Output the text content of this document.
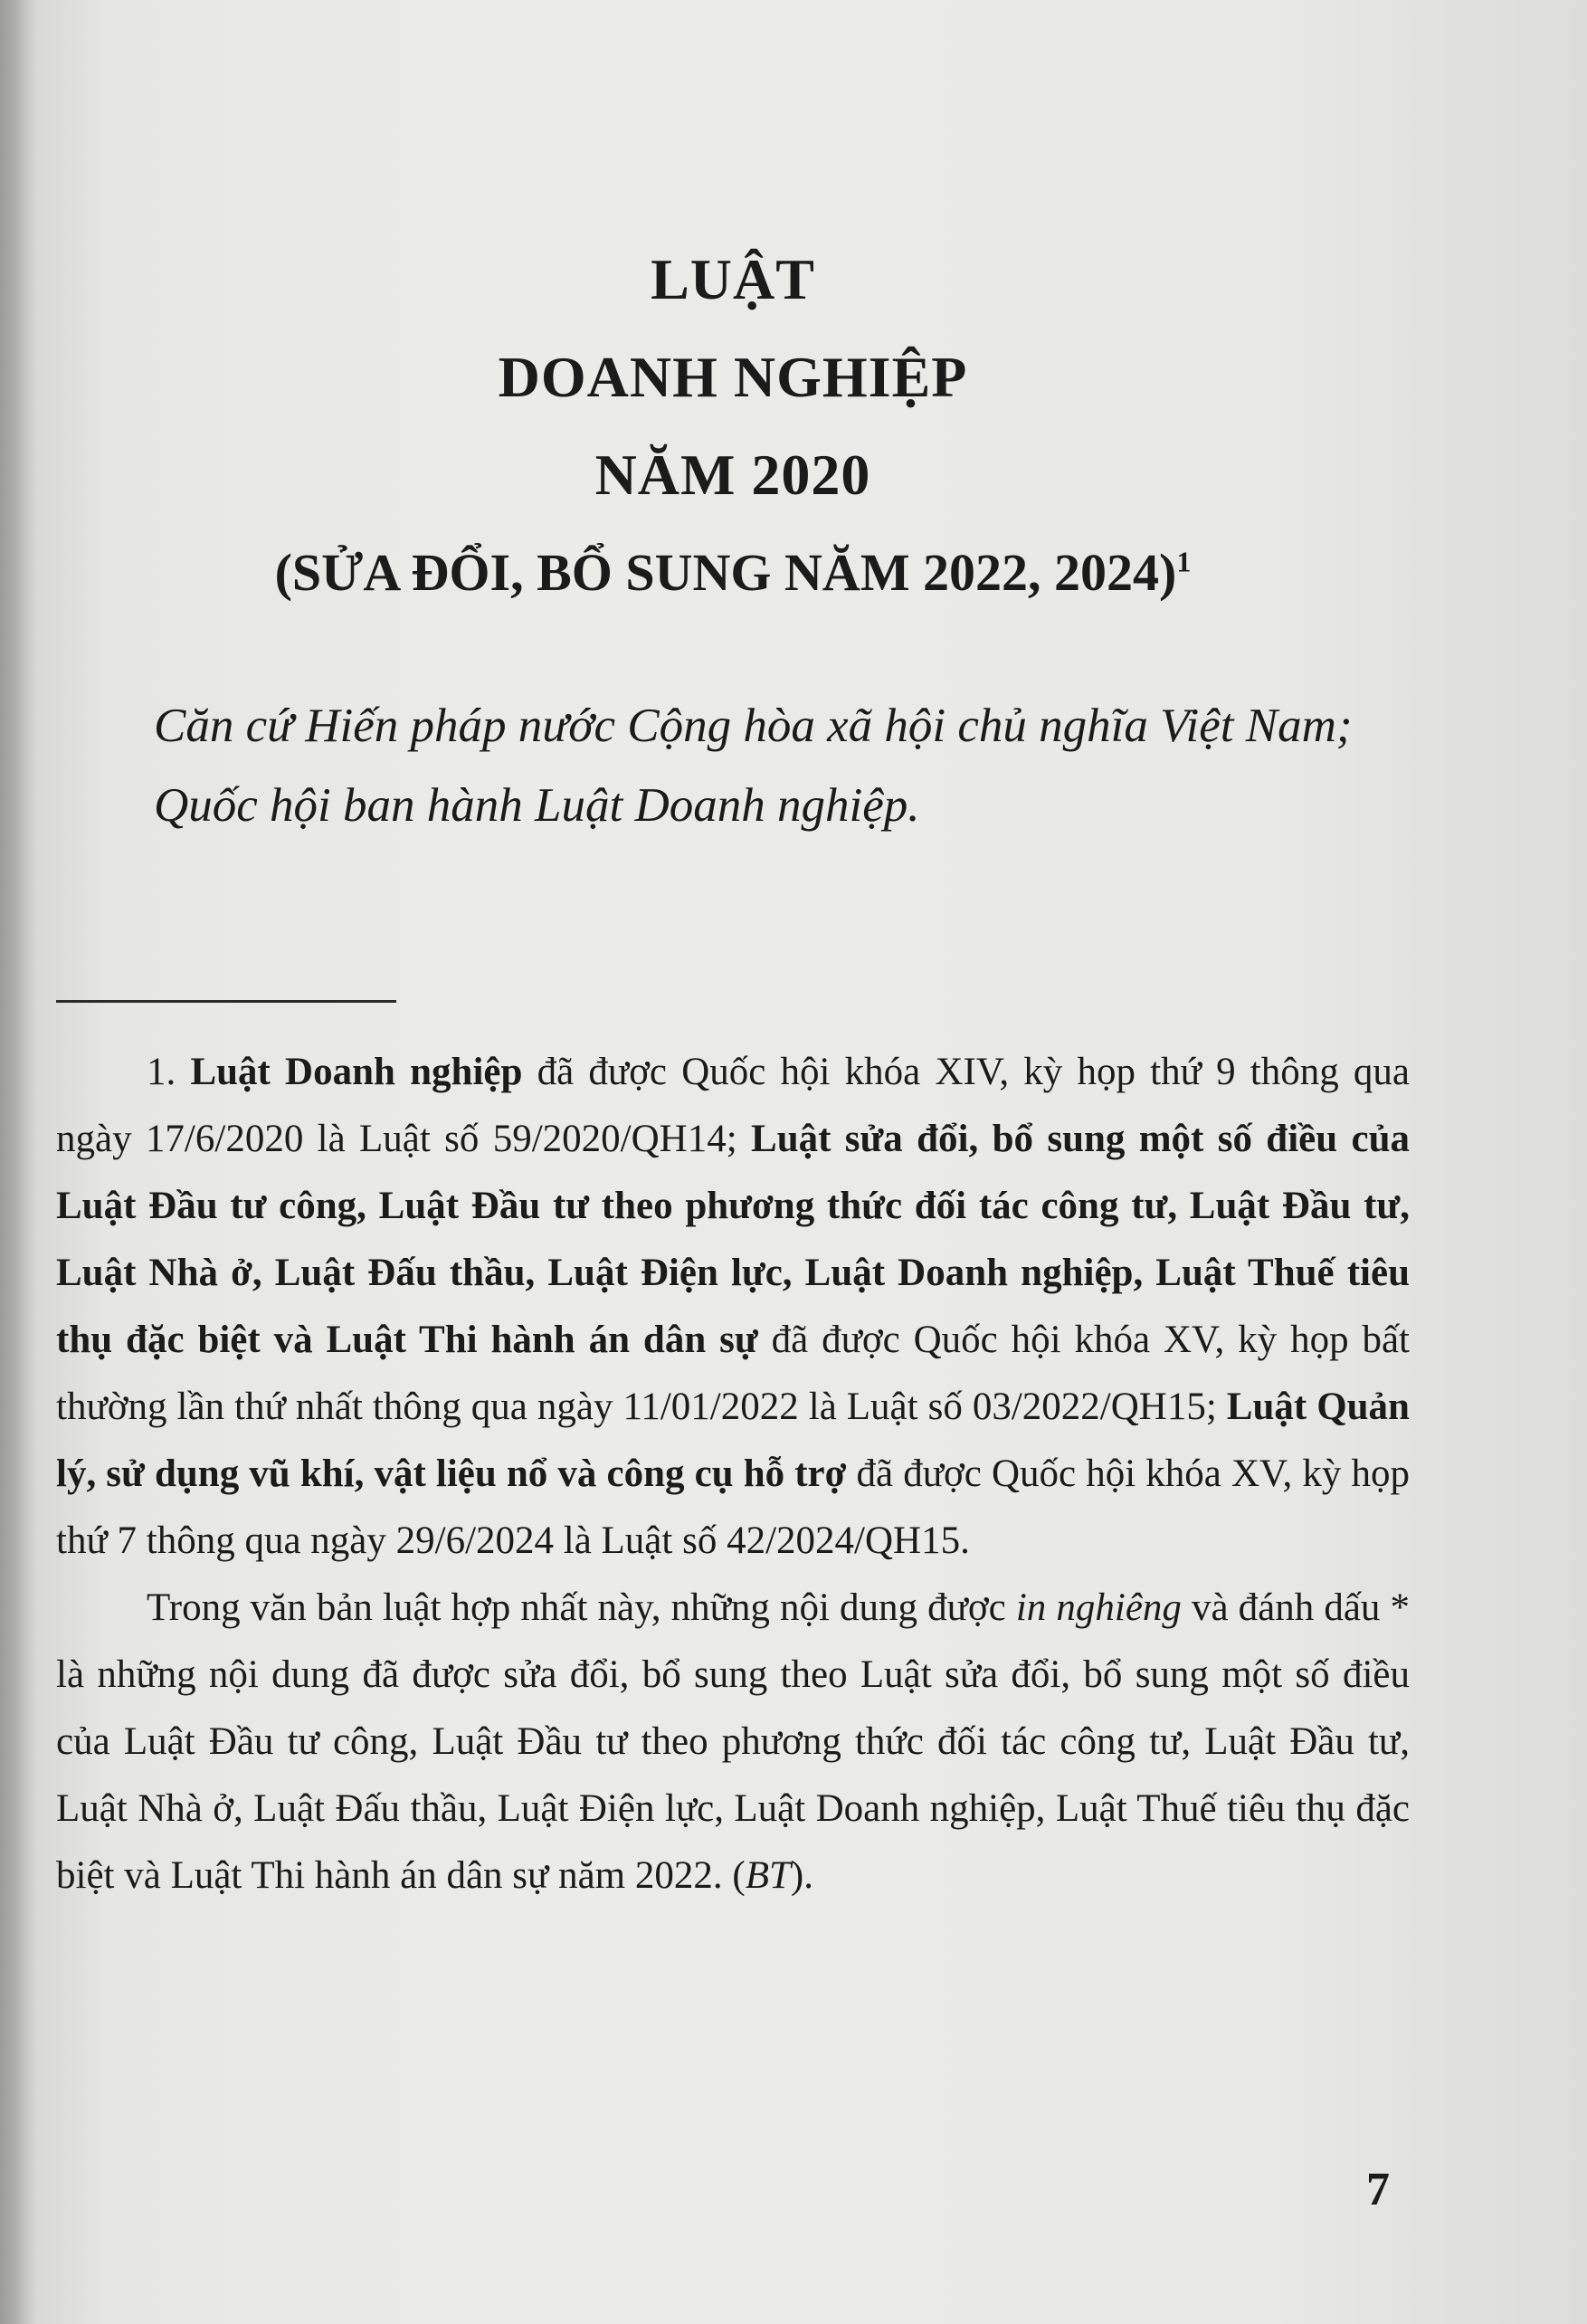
LUẬT
DOANH NGHIỆP
NĂM 2020
(SỬA ĐỔI, BỔ SUNG NĂM 2022, 2024)$^1$

Căn cứ Hiến pháp nước Cộng hòa xã hội chủ nghĩa Việt Nam;

Quốc hội ban hành Luật Doanh nghiệp.

1. Luật Doanh nghiệp đã được Quốc hội khóa XIV, kỳ họp thứ 9 thông qua ngày 17/6/2020 là Luật số 59/2020/QH14; Luật sửa đổi, bổ sung một số điều của Luật Đầu tư công, Luật Đầu tư theo phương thức đối tác công tư, Luật Đầu tư, Luật Nhà ở, Luật Đấu thầu, Luật Điện lực, Luật Doanh nghiệp, Luật Thuế tiêu thụ đặc biệt và Luật Thi hành án dân sự đã được Quốc hội khóa XV, kỳ họp bất thường lần thứ nhất thông qua ngày 11/01/2022 là Luật số 03/2022/QH15; Luật Quản lý, sử dụng vũ khí, vật liệu nổ và công cụ hỗ trợ đã được Quốc hội khóa XV, kỳ họp thứ 7 thông qua ngày 29/6/2024 là Luật số 42/2024/QH15.

Trong văn bản luật hợp nhất này, những nội dung được in nghiêng và đánh dấu * là những nội dung đã được sửa đổi, bổ sung theo Luật sửa đổi, bổ sung một số điều của Luật Đầu tư công, Luật Đầu tư theo phương thức đối tác công tư, Luật Đầu tư, Luật Nhà ở, Luật Đấu thầu, Luật Điện lực, Luật Doanh nghiệp, Luật Thuế tiêu thụ đặc biệt và Luật Thi hành án dân sự năm 2022. (BT).

7
